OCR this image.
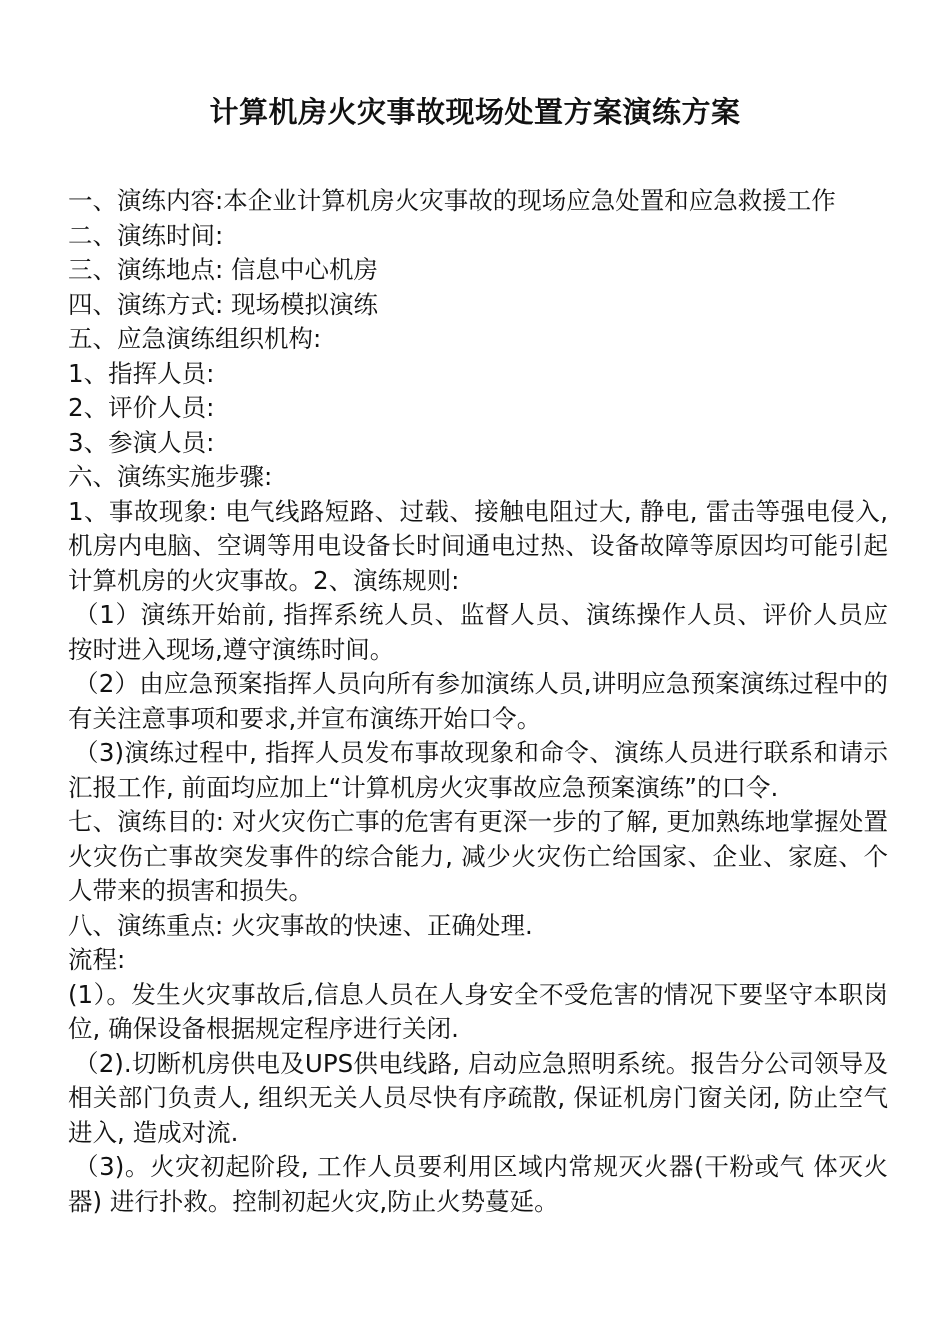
计算机房火灾事故现场处置方案演练方案

一、演练内容:本企业计算机房火灾事故的现场应急处置和应急救援工作

二、演练时间:

三、演练地点: 信息中心机房

四、演练方式: 现场模拟演练

五、应急演练组织机构:

1、指挥人员:

2、评价人员:

3、参演人员:

六、演练实施步骤:

1、事故现象: 电气线路短路、过载、接触电阻过大, 静电, 雷击等强电侵入, 机房内电脑、空调等用电设备长时间通电过热、设备故障等原因均可能引起计算机房的火灾事故。2、演练规则:

（1）演练开始前, 指挥系统人员、监督人员、演练操作人员、评价人员应按时进入现场,遵守演练时间。

（2）由应急预案指挥人员向所有参加演练人员,讲明应急预案演练过程中的有关注意事项和要求,并宣布演练开始口令。

（3)演练过程中, 指挥人员发布事故现象和命令、演练人员进行联系和请示汇报工作, 前面均应加上“计算机房火灾事故应急预案演练”的口令.

七、演练目的: 对火灾伤亡事的危害有更深一步的了解, 更加熟练地掌握处置火灾伤亡事故突发事件的综合能力, 减少火灾伤亡给国家、企业、家庭、个人带来的损害和损失。

八、演练重点: 火灾事故的快速、正确处理.

流程:

(1）。发生火灾事故后,信息人员在人身安全不受危害的情况下要坚守本职岗位, 确保设备根据规定程序进行关闭.

（2).切断机房供电及UPS供电线路, 启动应急照明系统。报告分公司领导及相关部门负责人, 组织无关人员尽快有序疏散, 保证机房门窗关闭, 防止空气进入, 造成对流.

（3)。火灾初起阶段, 工作人员要利用区域内常规灭火器(干粉或气 体灭火器) 进行扑救。控制初起火灾,防止火势蔓延。
